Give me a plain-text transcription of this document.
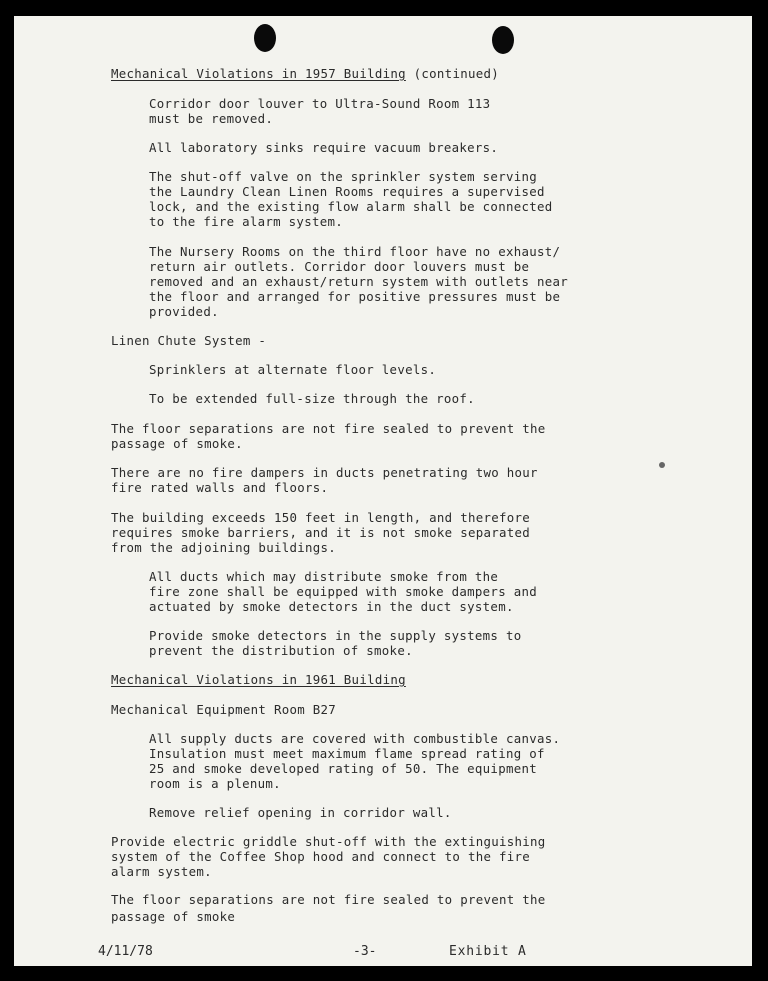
Mechanical Violations in 1957 Building (continued)
Corridor door louver to Ultra-Sound Room 113
must be removed.
All laboratory sinks require vacuum breakers.
The shut-off valve on the sprinkler system serving
the Laundry Clean Linen Rooms requires a supervised
lock, and the existing flow alarm shall be connected
to the fire alarm system.
The Nursery Rooms on the third floor have no exhaust/
return air outlets. Corridor door louvers must be
removed and an exhaust/return system with outlets near
the floor and arranged for positive pressures must be
provided.
Linen Chute System -
Sprinklers at alternate floor levels.
To be extended full-size through the roof.
The floor separations are not fire sealed to prevent the
passage of smoke.
There are no fire dampers in ducts penetrating two hour
fire rated walls and floors.
The building exceeds 150 feet in length, and therefore
requires smoke barriers, and it is not smoke separated
from the adjoining buildings.
All ducts which may distribute smoke from the
fire zone shall be equipped with smoke dampers and
actuated by smoke detectors in the duct system.
Provide smoke detectors in the supply systems to
prevent the distribution of smoke.
Mechanical Violations in 1961 Building
Mechanical Equipment Room B27
All supply ducts are covered with combustible canvas.
Insulation must meet maximum flame spread rating of
25 and smoke developed rating of 50. The equipment
room is a plenum.
Remove relief opening in corridor wall.
Provide electric griddle shut-off with the extinguishing
system of the Coffee Shop hood and connect to the fire
alarm system.
The floor separations are not fire sealed to prevent the
passage of smoke
4/11/78	-3-	Exhibit A
